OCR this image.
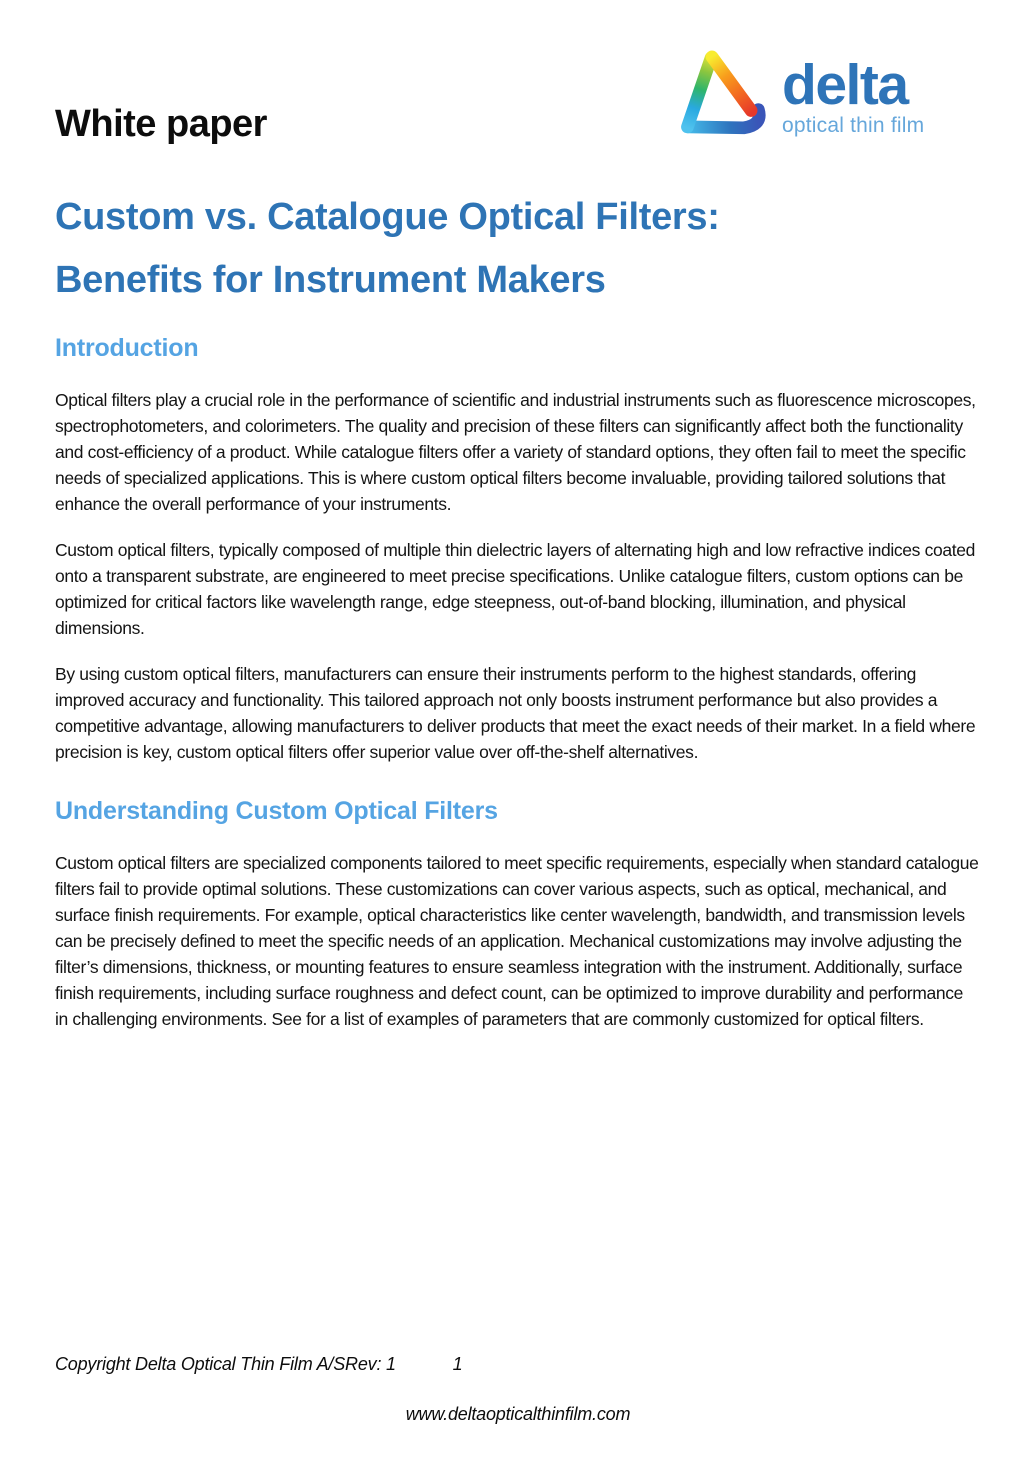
White paper
delta
optical thin film
Custom vs. Catalogue Optical Filters:
Benefits for Instrument Makers
Introduction

Optical filters play a crucial role in the performance of scientific and industrial instruments such as fluorescence microscopes, spectrophotometers, and colorimeters. The quality and precision of these filters can significantly affect both the functionality and cost-efficiency of a product. While catalogue filters offer a variety of standard options, they often fail to meet the specific needs of specialized applications. This is where custom optical filters become invaluable, providing tailored solutions that enhance the overall performance of your instruments.

Custom optical filters, typically composed of multiple thin dielectric layers of alternating high and low refractive indices coated onto a transparent substrate, are engineered to meet precise specifications. Unlike catalogue filters, custom options can be optimized for critical factors like wavelength range, edge steepness, out-of-band blocking, illumination, and physical dimensions.

By using custom optical filters, manufacturers can ensure their instruments perform to the highest standards, offering improved accuracy and functionality. This tailored approach not only boosts instrument performance but also provides a competitive advantage, allowing manufacturers to deliver products that meet the exact needs of their market. In a field where precision is key, custom optical filters offer superior value over off-the-shelf alternatives.

Understanding Custom Optical Filters

Custom optical filters are specialized components tailored to meet specific requirements, especially when standard catalogue filters fail to provide optimal solutions. These customizations can cover various aspects, such as optical, mechanical, and surface finish requirements. For example, optical characteristics like center wavelength, bandwidth, and transmission levels can be precisely defined to meet the specific needs of an application. Mechanical customizations may involve adjusting the filter’s dimensions, thickness, or mounting features to ensure seamless integration with the instrument. Additionally, surface finish requirements, including surface roughness and defect count, can be optimized to improve durability and performance in challenging environments. See for a list of examples of parameters that are commonly customized for optical filters.

Copyright Delta Optical Thin Film A/SRev: 1	1
www.deltaopticalthinfilm.com
